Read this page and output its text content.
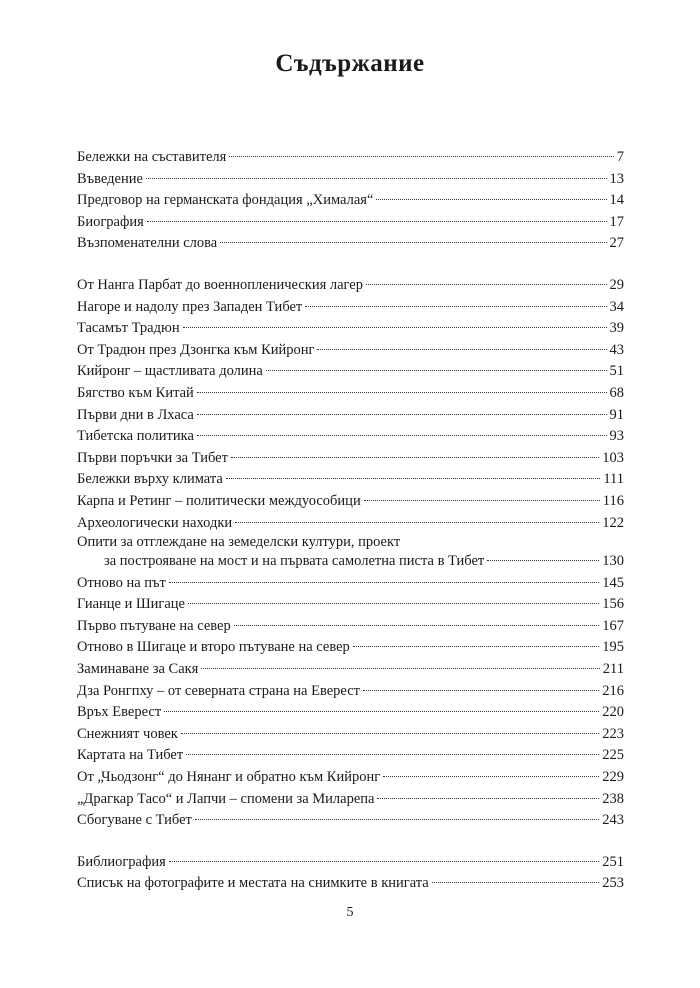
Съдържание
Бележки на съставителя	7
Въведение	13
Предговор на германската фондация „Хималая“	14
Биография	17
Възпоменателни слова	27
От Нанга Парбат до военнопленическия лагер	29
Нагоре и надолу през Западен Тибет	34
Тасамът Традюн	39
От Традюн през Дзонгка към Кийронг	43
Кийронг – щастливата долина	51
Бягство към Китай	68
Първи дни в Лхаса	91
Тибетска политика	93
Първи поръчки за Тибет	103
Бележки върху климата	111
Карпа и Ретинг – политически междуособици	116
Археологически находки	122
Опити за отглеждане на земеделски култури, проект
за построяване на мост и на първата самолетна писта в Тибет	130
Отново на път	145
Гианце и Шигаце	156
Първо пътуване на север	167
Отново в Шигаце и второ пътуване на север	195
Заминаване за Сакя	211
Дза Ронгпху – от северната страна на Еверест	216
Връх Еверест	220
Снежният човек	223
Картата на Тибет	225
От „Чьодзонг“ до Нянанг и обратно към Кийронг	229
„Драгкар Тасо“ и Лапчи – спомени за Миларепа	238
Сбогуване с Тибет	243
Библиография	251
Списък на фотографите и местата на снимките в книгата	253
5
